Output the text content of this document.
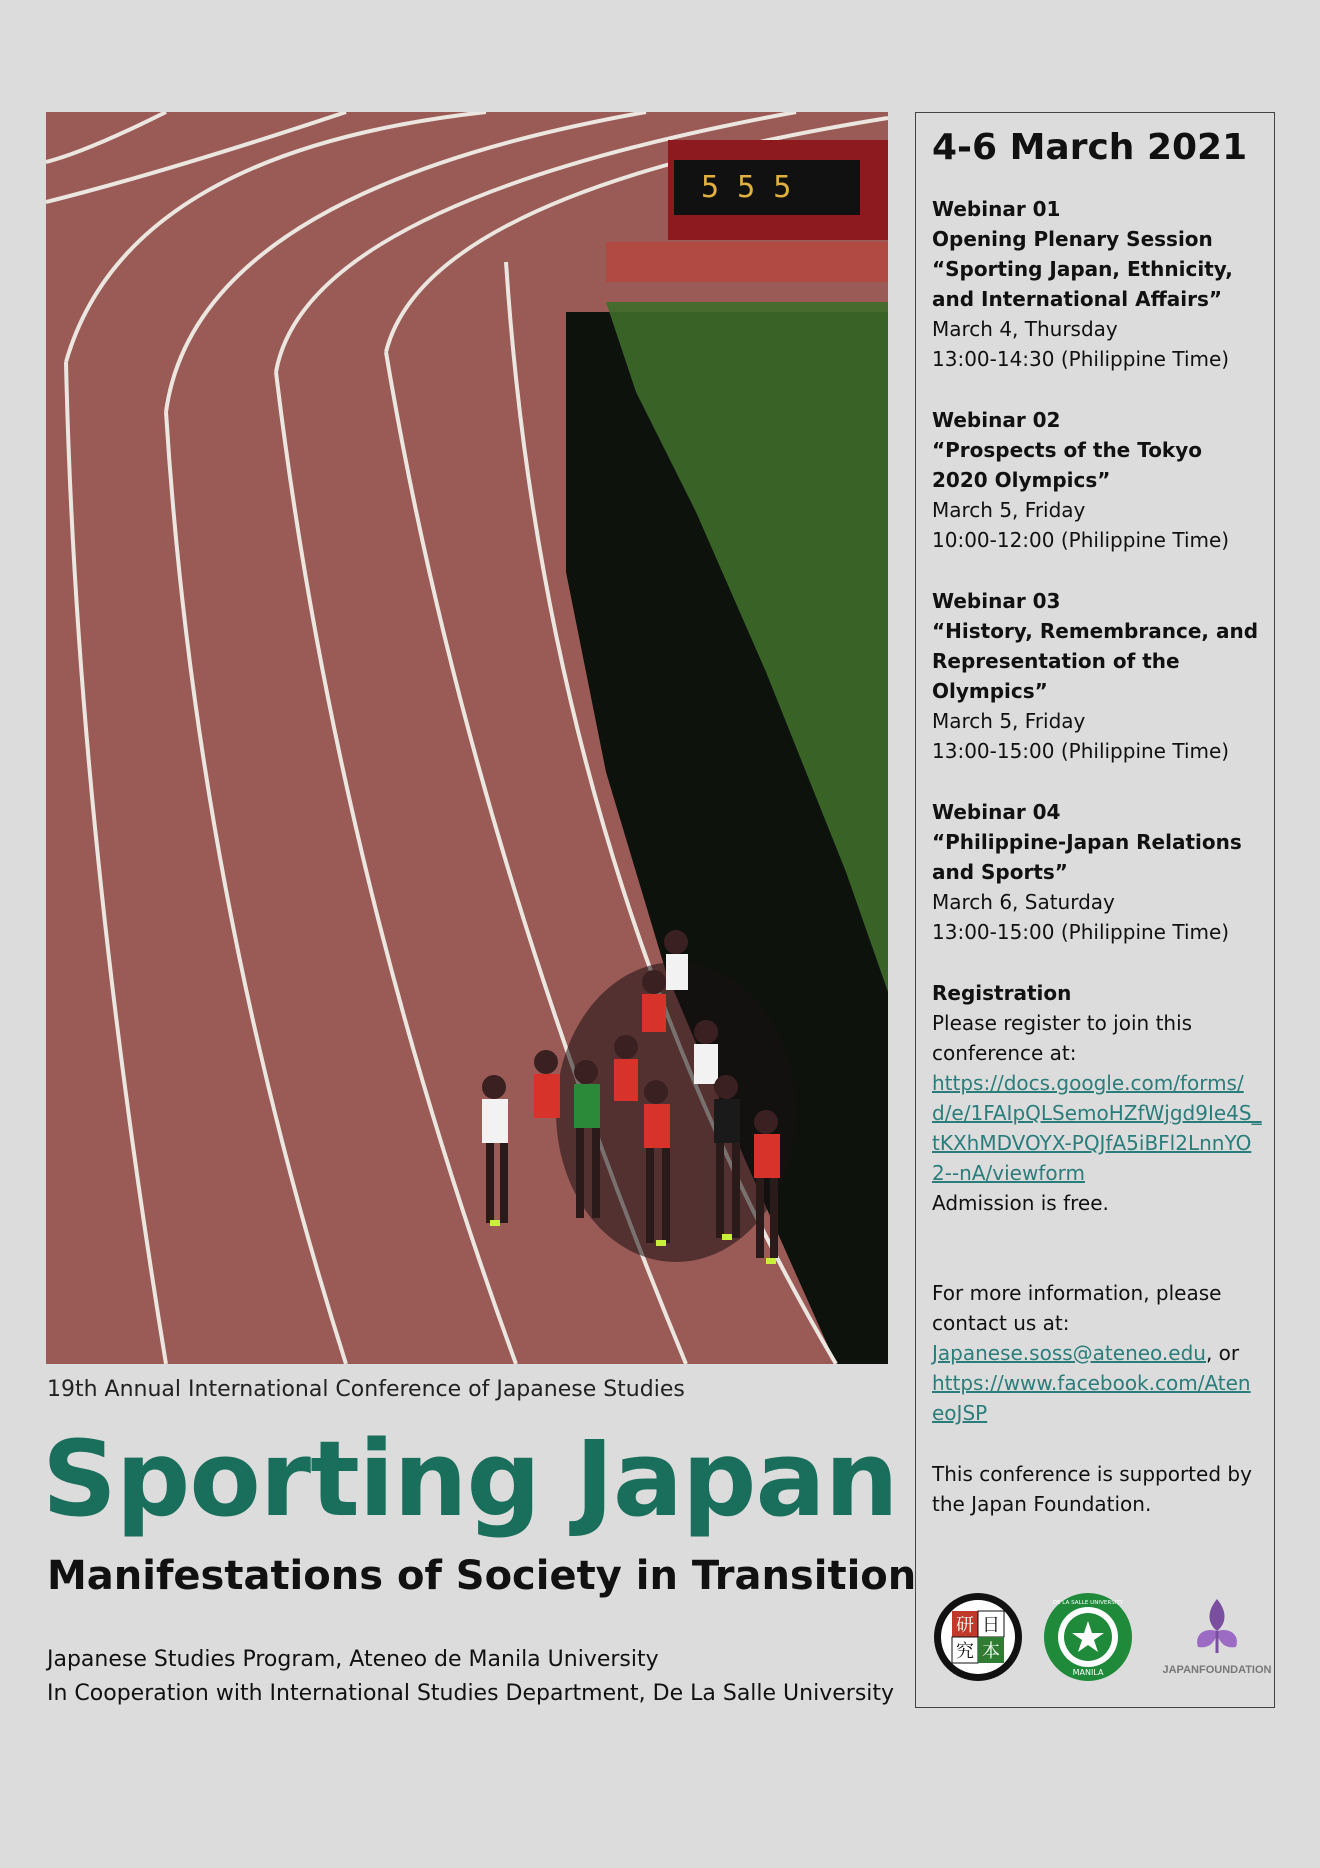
5 5 5
19th Annual International Conference of Japanese Studies
Sporting Japan
Manifestations of Society in Transition
Japanese Studies Program, Ateneo de Manila University
In Cooperation with International Studies Department, De La Salle University
4-6 March 2021
Webinar 01
Opening Plenary Session
“Sporting Japan, Ethnicity, and International Affairs”
March 4, Thursday
13:00-14:30 (Philippine Time)
Webinar 02
“Prospects of the Tokyo 2020 Olympics”
March 5, Friday
10:00-12:00 (Philippine Time)
Webinar 03
“History, Remembrance, and Representation of the Olympics”
March 5, Friday
13:00-15:00 (Philippine Time)
Webinar 04
“Philippine-Japan Relations and Sports”
March 6, Saturday
13:00-15:00 (Philippine Time)
Registration
Please register to join this conference at:
https://docs.google.com/forms/d/e/1FAIpQLSemoHZfWjgd9Ie4S_tKXhMDVOYX-PQJfA5iBFl2LnnYO2--nA/viewform
Admission is free.
For more information, please contact us at:
Japanese.soss@ateneo.edu, or
https://www.facebook.com/AteneoJSP
This conference is supported by the Japan Foundation.
研 日
究 本
MANILA
DE LA SALLE UNIVERSITY
JAPANFOUNDATION
